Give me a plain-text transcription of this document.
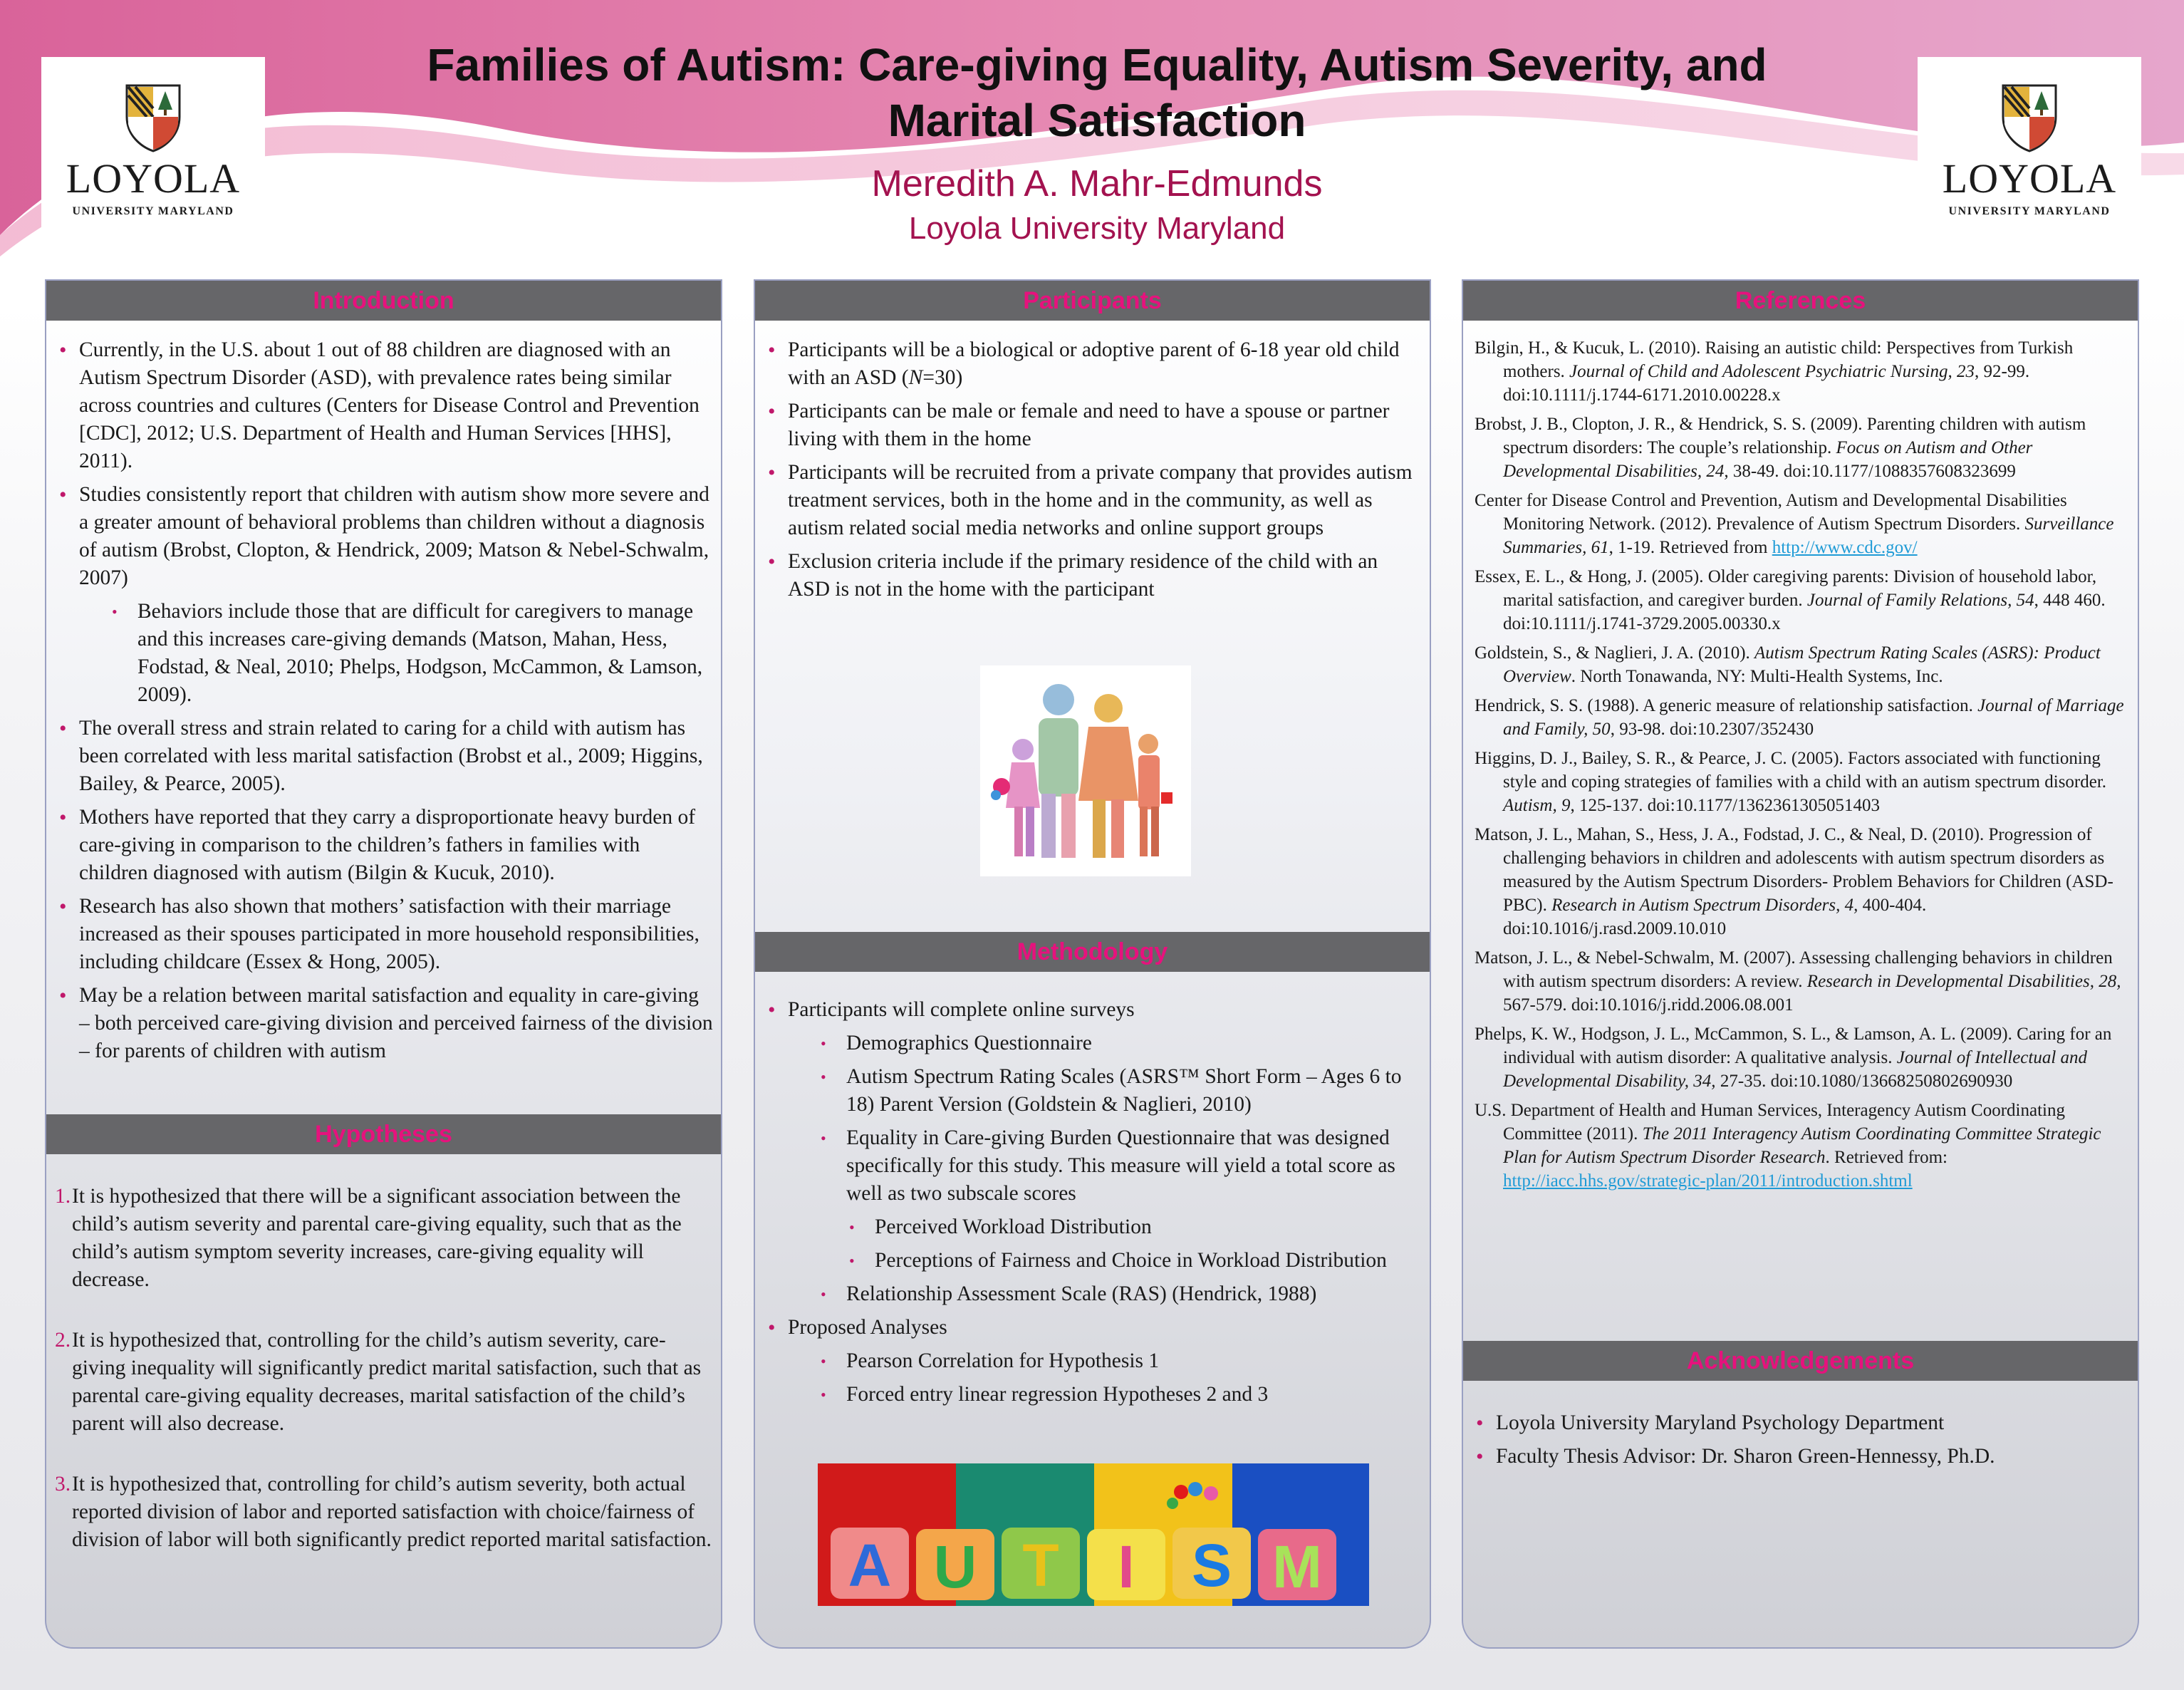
LOYOLA
UNIVERSITY MARYLAND
LOYOLA
UNIVERSITY MARYLAND
Families of Autism: Care-giving Equality, Autism Severity, and
Marital Satisfaction
Meredith A. Mahr-Edmunds
Loyola University Maryland
Introduction
• Currently, in the U.S. about 1 out of 88 children are diagnosed with an Autism Spectrum Disorder (ASD), with prevalence rates being similar across countries and cultures (Centers for Disease Control and Prevention [CDC], 2012; U.S. Department of Health and Human Services [HHS], 2011).
• Studies consistently report that children with autism show more severe and a greater amount of behavioral problems than children without a diagnosis of autism (Brobst, Clopton, & Hendrick, 2009; Matson & Nebel-Schwalm, 2007)
• Behaviors include those that are difficult for caregivers to manage and this increases care-giving demands (Matson, Mahan, Hess, Fodstad, & Neal, 2010; Phelps, Hodgson, McCammon, & Lamson, 2009).
• The overall stress and strain related to caring for a child with autism has been correlated with less marital satisfaction (Brobst et al., 2009; Higgins, Bailey, & Pearce, 2005).
• Mothers have reported that they carry a disproportionate heavy burden of care-giving in comparison to the children’s fathers in families with children diagnosed with autism (Bilgin & Kucuk, 2010).
• Research has also shown that mothers’ satisfaction with their marriage increased as their spouses participated in more household responsibilities, including childcare (Essex & Hong, 2005).
• May be a relation between marital satisfaction and equality in care-giving – both perceived care-giving division and perceived fairness of the division – for parents of children with autism
Hypotheses
1. It is hypothesized that there will be a significant association between the child’s autism severity and parental care-giving equality, such that as the child’s autism symptom severity increases, care-giving equality will decrease.
2. It is hypothesized that, controlling for the child’s autism severity, care-giving inequality will significantly predict marital satisfaction, such that as parental care-giving equality decreases, marital satisfaction of the child’s parent will also decrease.
3. It is hypothesized that, controlling for child’s autism severity, both actual reported division of labor and reported satisfaction with choice/fairness of division of labor will both significantly predict reported marital satisfaction.
Participants
• Participants will be a biological or adoptive parent of 6-18 year old child with an ASD (N=30)
• Participants can be male or female and need to have a spouse or partner living with them in the home
• Participants will be recruited from a private company that provides autism treatment services, both in the home and in the community, as well as autism related social media networks and online support groups
• Exclusion criteria include if the primary residence of the child with an ASD is not in the home with the participant
Methodology
• Participants will complete online surveys
• Demographics Questionnaire
• Autism Spectrum Rating Scales (ASRS™ Short Form – Ages 6 to 18) Parent Version (Goldstein & Naglieri, 2010)
• Equality in Care-giving Burden Questionnaire that was designed specifically for this study. This measure will yield a total score as well as two subscale scores
• Perceived Workload Distribution
• Perceptions of Fairness and Choice in Workload Distribution
• Relationship Assessment Scale (RAS) (Hendrick, 1988)
• Proposed Analyses
• Pearson Correlation for Hypothesis 1
• Forced entry linear regression Hypotheses 2 and 3
A U T I S M
References

Bilgin, H., & Kucuk, L. (2010). Raising an autistic child: Perspectives from Turkish mothers. Journal of Child and Adolescent Psychiatric Nursing, 23, 92-99. doi:10.1111/j.1744-6171.2010.00228.x

Brobst, J. B., Clopton, J. R., & Hendrick, S. S. (2009). Parenting children with autism spectrum disorders: The couple’s relationship. Focus on Autism and Other Developmental Disabilities, 24, 38-49. doi:10.1177/1088357608323699

Center for Disease Control and Prevention, Autism and Developmental Disabilities Monitoring Network. (2012). Prevalence of Autism Spectrum Disorders. Surveillance Summaries, 61, 1-19. Retrieved from http://www.cdc.gov/

Essex, E. L., & Hong, J. (2005). Older caregiving parents: Division of household labor, marital satisfaction, and caregiver burden. Journal of Family Relations, 54, 448 460. doi:10.1111/j.1741-3729.2005.00330.x

Goldstein, S., & Naglieri, J. A. (2010). Autism Spectrum Rating Scales (ASRS): Product Overview. North Tonawanda, NY: Multi-Health Systems, Inc.

Hendrick, S. S. (1988). A generic measure of relationship satisfaction. Journal of Marriage and Family, 50, 93-98. doi:10.2307/352430

Higgins, D. J., Bailey, S. R., & Pearce, J. C. (2005). Factors associated with functioning style and coping strategies of families with a child with an autism spectrum disorder. Autism, 9, 125-137. doi:10.1177/1362361305051403

Matson, J. L., Mahan, S., Hess, J. A., Fodstad, J. C., & Neal, D. (2010). Progression of challenging behaviors in children and adolescents with autism spectrum disorders as measured by the Autism Spectrum Disorders- Problem Behaviors for Children (ASD-PBC). Research in Autism Spectrum Disorders, 4, 400-404. doi:10.1016/j.rasd.2009.10.010

Matson, J. L., & Nebel-Schwalm, M. (2007). Assessing challenging behaviors in children with autism spectrum disorders: A review. Research in Developmental Disabilities, 28, 567-579. doi:10.1016/j.ridd.2006.08.001

Phelps, K. W., Hodgson, J. L., McCammon, S. L., & Lamson, A. L. (2009). Caring for an individual with autism disorder: A qualitative analysis. Journal of Intellectual and Developmental Disability, 34, 27-35. doi:10.1080/13668250802690930

U.S. Department of Health and Human Services, Interagency Autism Coordinating Committee (2011). The 2011 Interagency Autism Coordinating Committee Strategic Plan for Autism Spectrum Disorder Research. Retrieved from: http://iacc.hhs.gov/strategic-plan/2011/introduction.shtml

Acknowledgements
• Loyola University Maryland Psychology Department
• Faculty Thesis Advisor: Dr. Sharon Green-Hennessy, Ph.D.
